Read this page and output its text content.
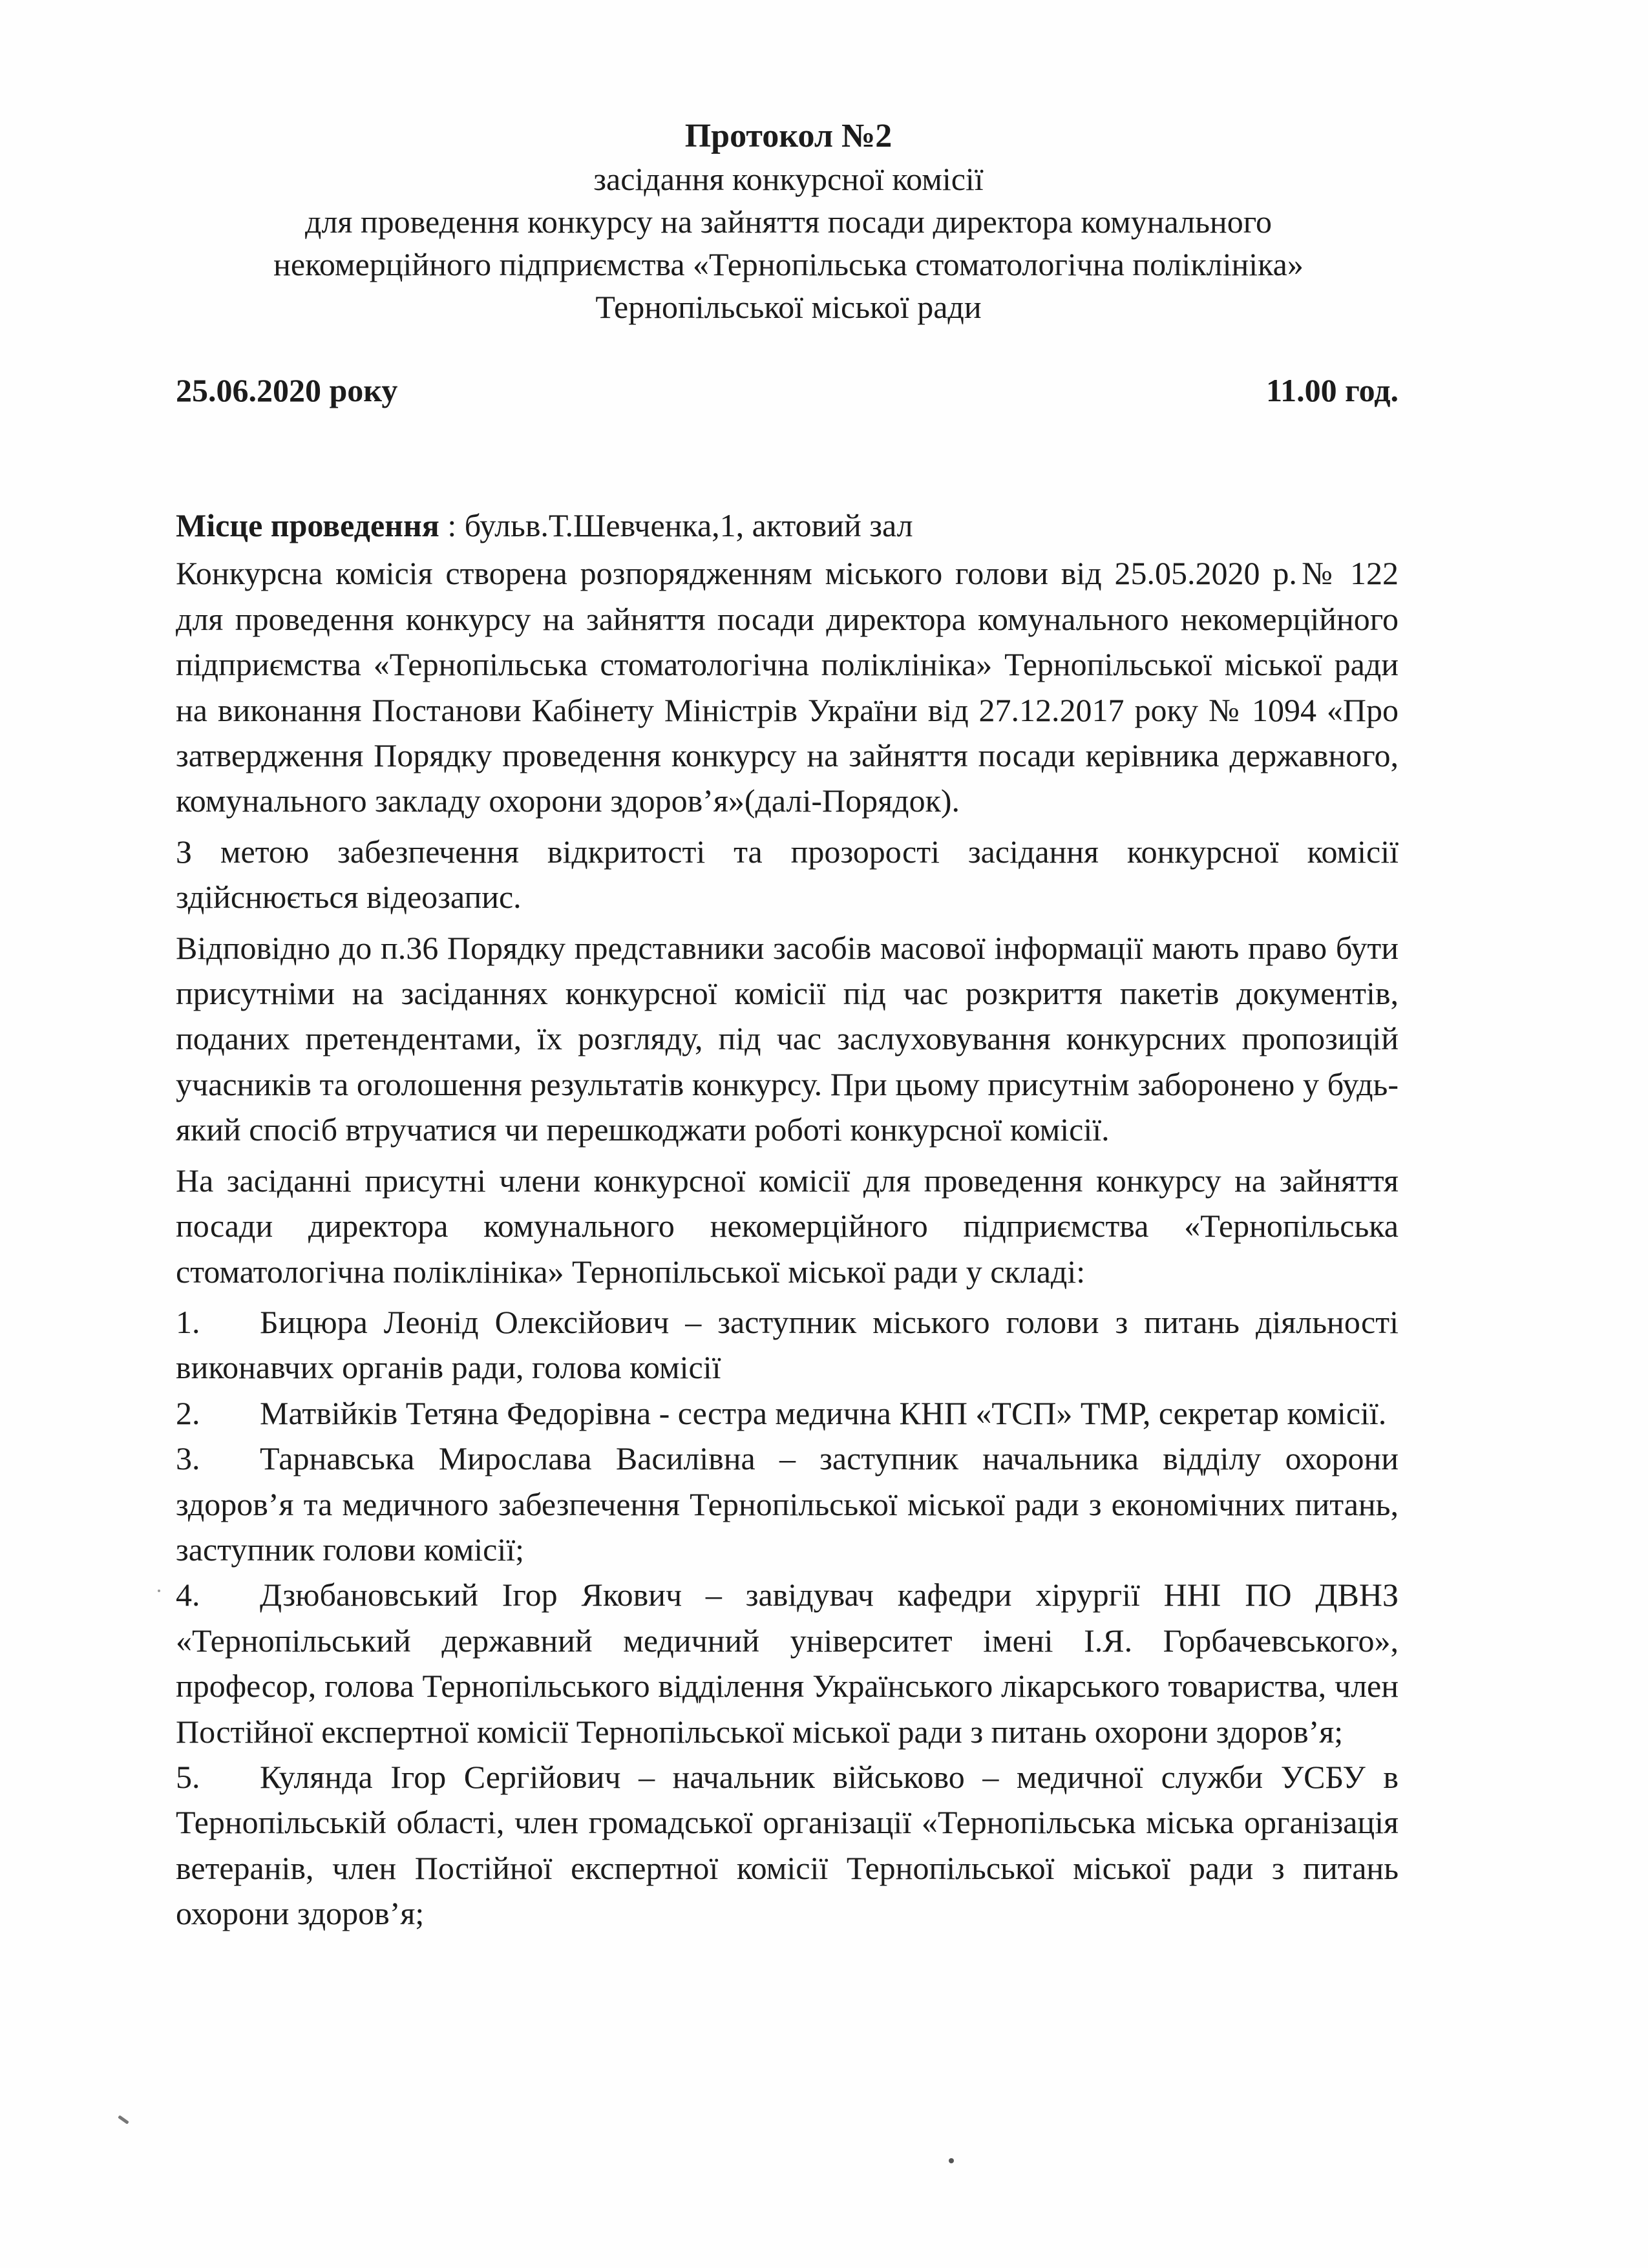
Протокол №2
засідання конкурсної комісії
для проведення конкурсу на зайняття посади директора комунального
некомерційного підприємства «Тернопільська стоматологічна поліклініка»
Тернопільської міської ради
25.06.2020 року	11.00 год.

Місце проведення : бульв.Т.Шевченка,1, актовий зал

Конкурсна комісія створена розпорядженням міського голови від 25.05.2020 р.№ 122 для проведення конкурсу на зайняття посади директора комунального некомерційного підприємства «Тернопільська стоматологічна поліклініка» Тернопільської міської ради на виконання Постанови Кабінету Міністрів України від 27.12.2017 року № 1094 «Про затвердження Порядку проведення конкурсу на зайняття посади керівника державного, комунального закладу охорони здоров’я»(далі-Порядок).

З метою забезпечення відкритості та прозорості засідання конкурсної комісії здійснюється відеозапис.

Відповідно до п.36 Порядку представники засобів масової інформації мають право бути присутніми на засіданнях конкурсної комісії під час розкриття пакетів документів, поданих претендентами, їх розгляду, під час заслуховування конкурсних пропозицій учасників та оголошення результатів конкурсу. При цьому присутнім заборонено у будь-який спосіб втручатися чи перешкоджати роботі конкурсної комісії.

На засіданні присутні члени конкурсної комісії для проведення конкурсу на зайняття посади директора комунального некомерційного підприємства «Тернопільська стоматологічна поліклініка» Тернопільської міської ради у складі:

1. Бицюра Леонід Олексійович – заступник міського голови з питань діяльності виконавчих органів ради, голова комісії

2. Матвійків Тетяна Федорівна - сестра медична КНП «ТСП» ТМР, секретар комісії.

3. Тарнавська Мирослава Василівна – заступник начальника відділу охорони здоров’я та медичного забезпечення Тернопільської міської ради з економічних питань, заступник голови комісії;

4. Дзюбановський Ігор Якович – завідувач кафедри хірургії ННІ ПО ДВНЗ «Тернопільський державний медичний університет імені І.Я. Горбачевського», професор, голова Тернопільського відділення Українського лікарського товариства, член Постійної експертної комісії Тернопільської міської ради з питань охорони здоров’я;

5. Кулянда Ігор Сергійович – начальник військово – медичної служби УСБУ в Тернопільській області, член громадської організації «Тернопільська міська організація ветеранів, член Постійної експертної комісії Тернопільської міської ради з питань охорони здоров’я;
